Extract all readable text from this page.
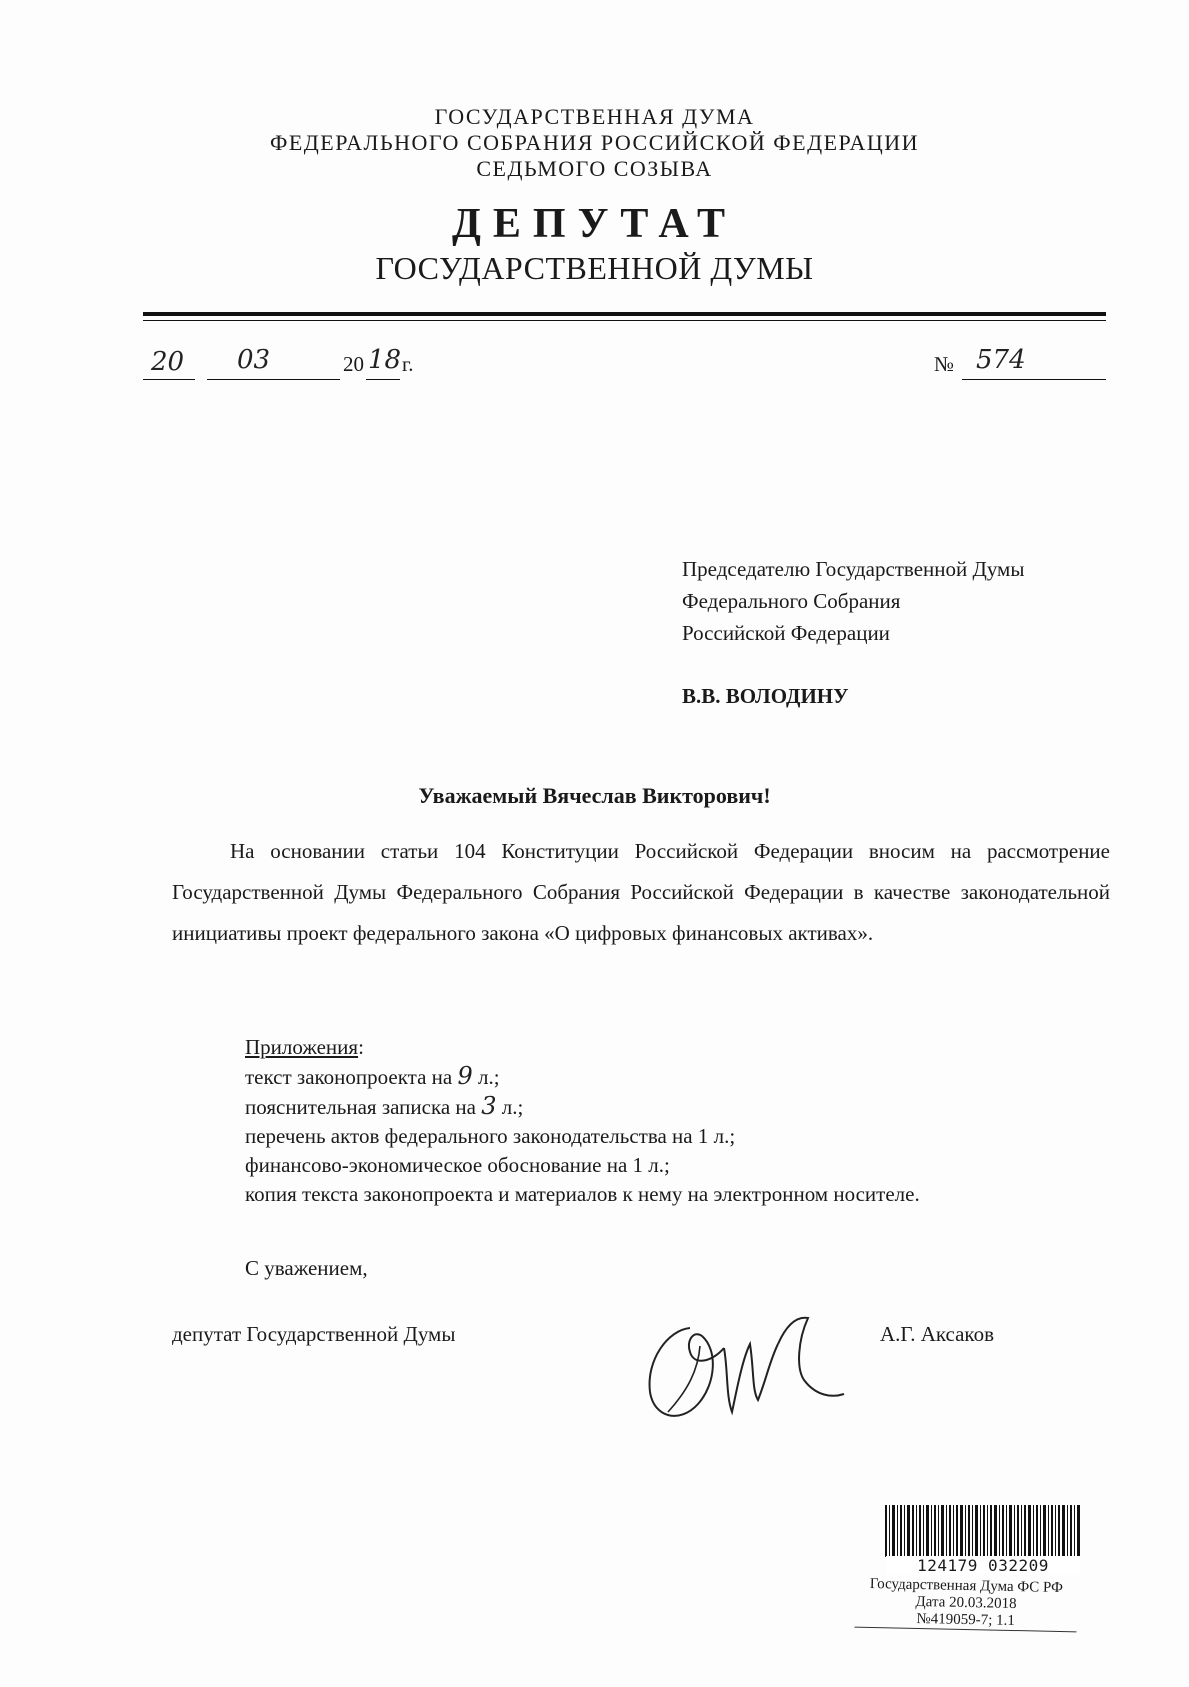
ГОСУДАРСТВЕННАЯ ДУМА
ФЕДЕРАЛЬНОГО СОБРАНИЯ РОССИЙСКОЙ ФЕДЕРАЦИИ
СЕДЬМОГО СОЗЫВА
ДЕПУТАТ
ГОСУДАРСТВЕННОЙ ДУМЫ
20 03	20 18 г.	№ 574
Председателю Государственной Думы
Федерального Собрания
Российской Федерации
В.В. ВОЛОДИНУ
Уважаемый Вячеслав Викторович!

На основании статьи 104 Конституции Российской Федерации вносим на рассмотрение Государственной Думы Федерального Собрания Российской Федерации в качестве законодательной инициативы проект федерального закона «О цифровых финансовых активах».

Приложения:
текст законопроекта на 9 л.;
пояснительная записка на 3 л.;
перечень актов федерального законодательства на 1 л.;
финансово-экономическое обоснование на 1 л.;
копия текста законопроекта и материалов к нему на электронном носителе.
С уважением,
депутат Государственной Думы	А.Г. Аксаков
124179 032209
Государственная Дума ФС РФ
Дата 20.03.2018
№419059-7; 1.1
